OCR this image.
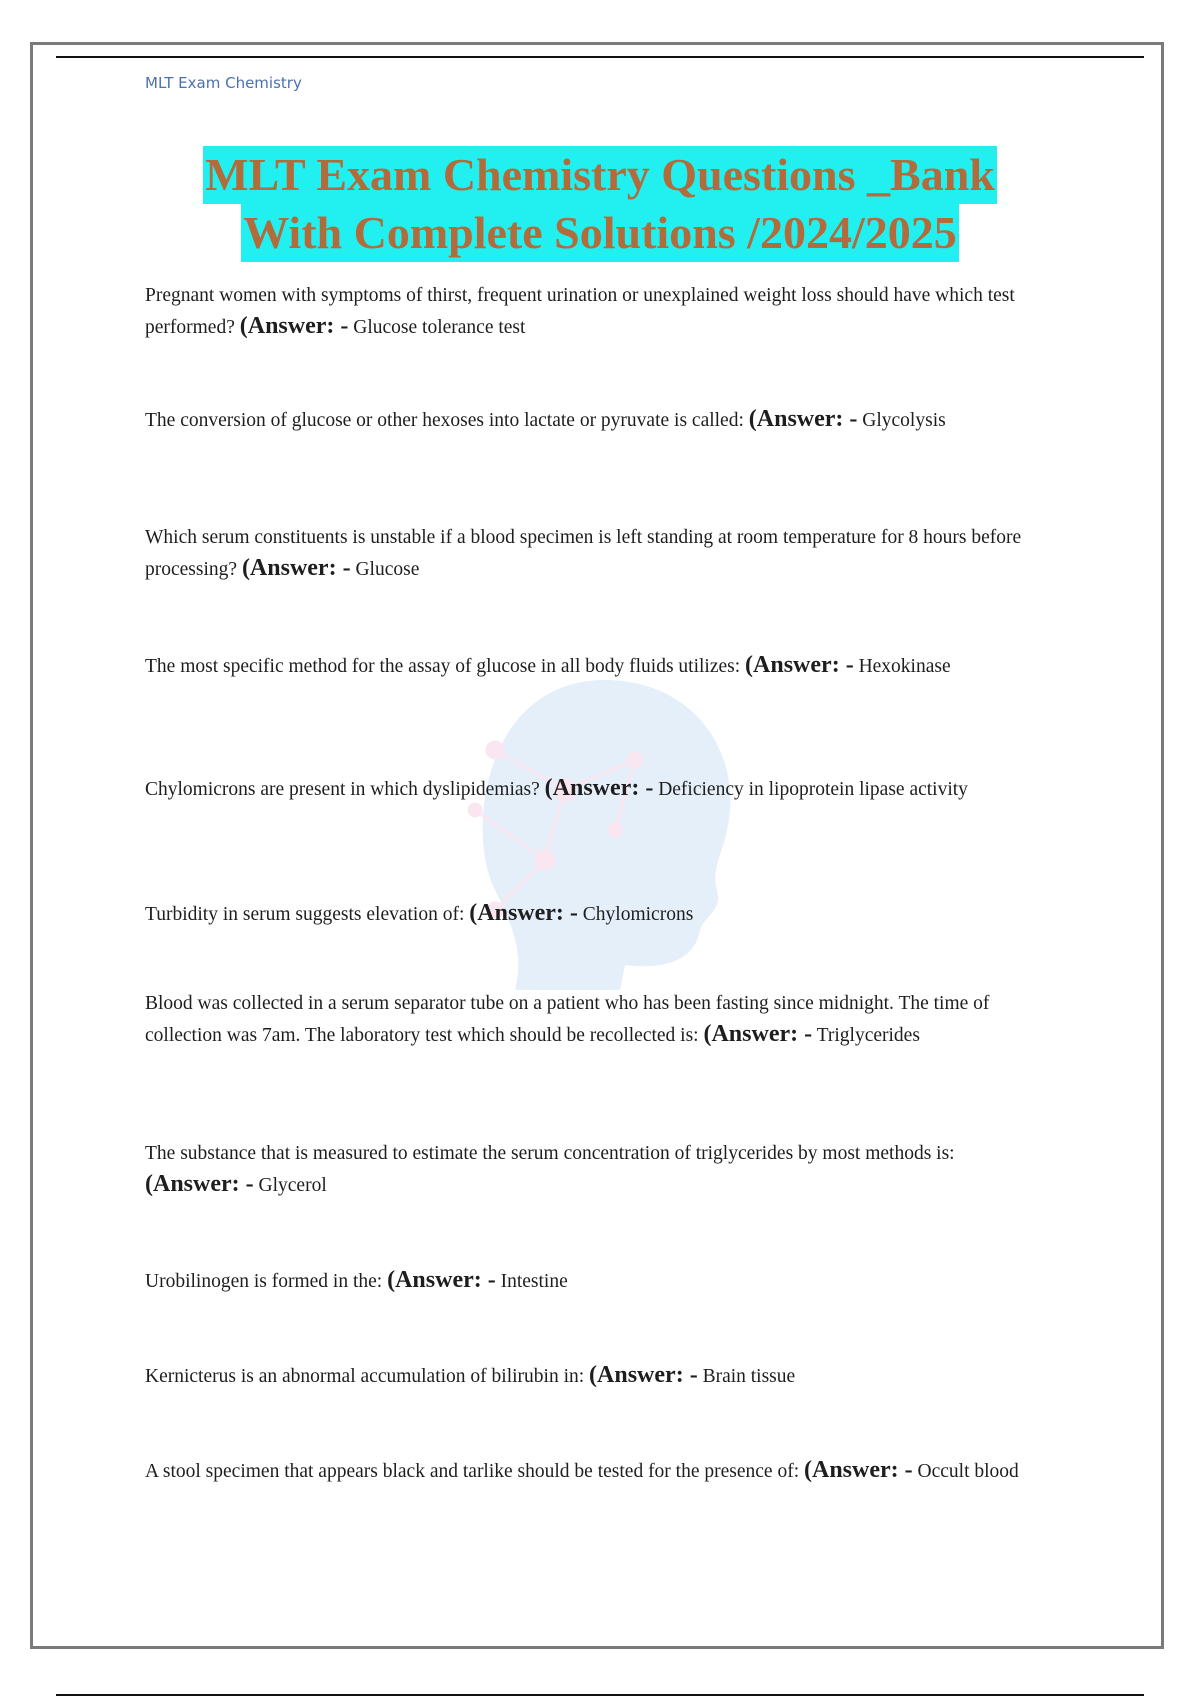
MLT Exam Chemistry
MLT Exam Chemistry Questions _Bank
With Complete Solutions /2024/2025
Pregnant women with symptoms of thirst, frequent urination or unexplained weight loss should have which test performed? (Answer: - Glucose tolerance test
The conversion of glucose or other hexoses into lactate or pyruvate is called: (Answer: - Glycolysis
Which serum constituents is unstable if a blood specimen is left standing at room temperature for 8 hours before processing? (Answer: - Glucose
The most specific method for the assay of glucose in all body fluids utilizes: (Answer: - Hexokinase
Chylomicrons are present in which dyslipidemias? (Answer: - Deficiency in lipoprotein lipase activity
Turbidity in serum suggests elevation of: (Answer: - Chylomicrons
Blood was collected in a serum separator tube on a patient who has been fasting since midnight. The time of collection was 7am. The laboratory test which should be recollected is: (Answer: - Triglycerides
The substance that is measured to estimate the serum concentration of triglycerides by most methods is: (Answer: - Glycerol
Urobilinogen is formed in the: (Answer: - Intestine
Kernicterus is an abnormal accumulation of bilirubin in: (Answer: - Brain tissue
A stool specimen that appears black and tarlike should be tested for the presence of: (Answer: - Occult blood
